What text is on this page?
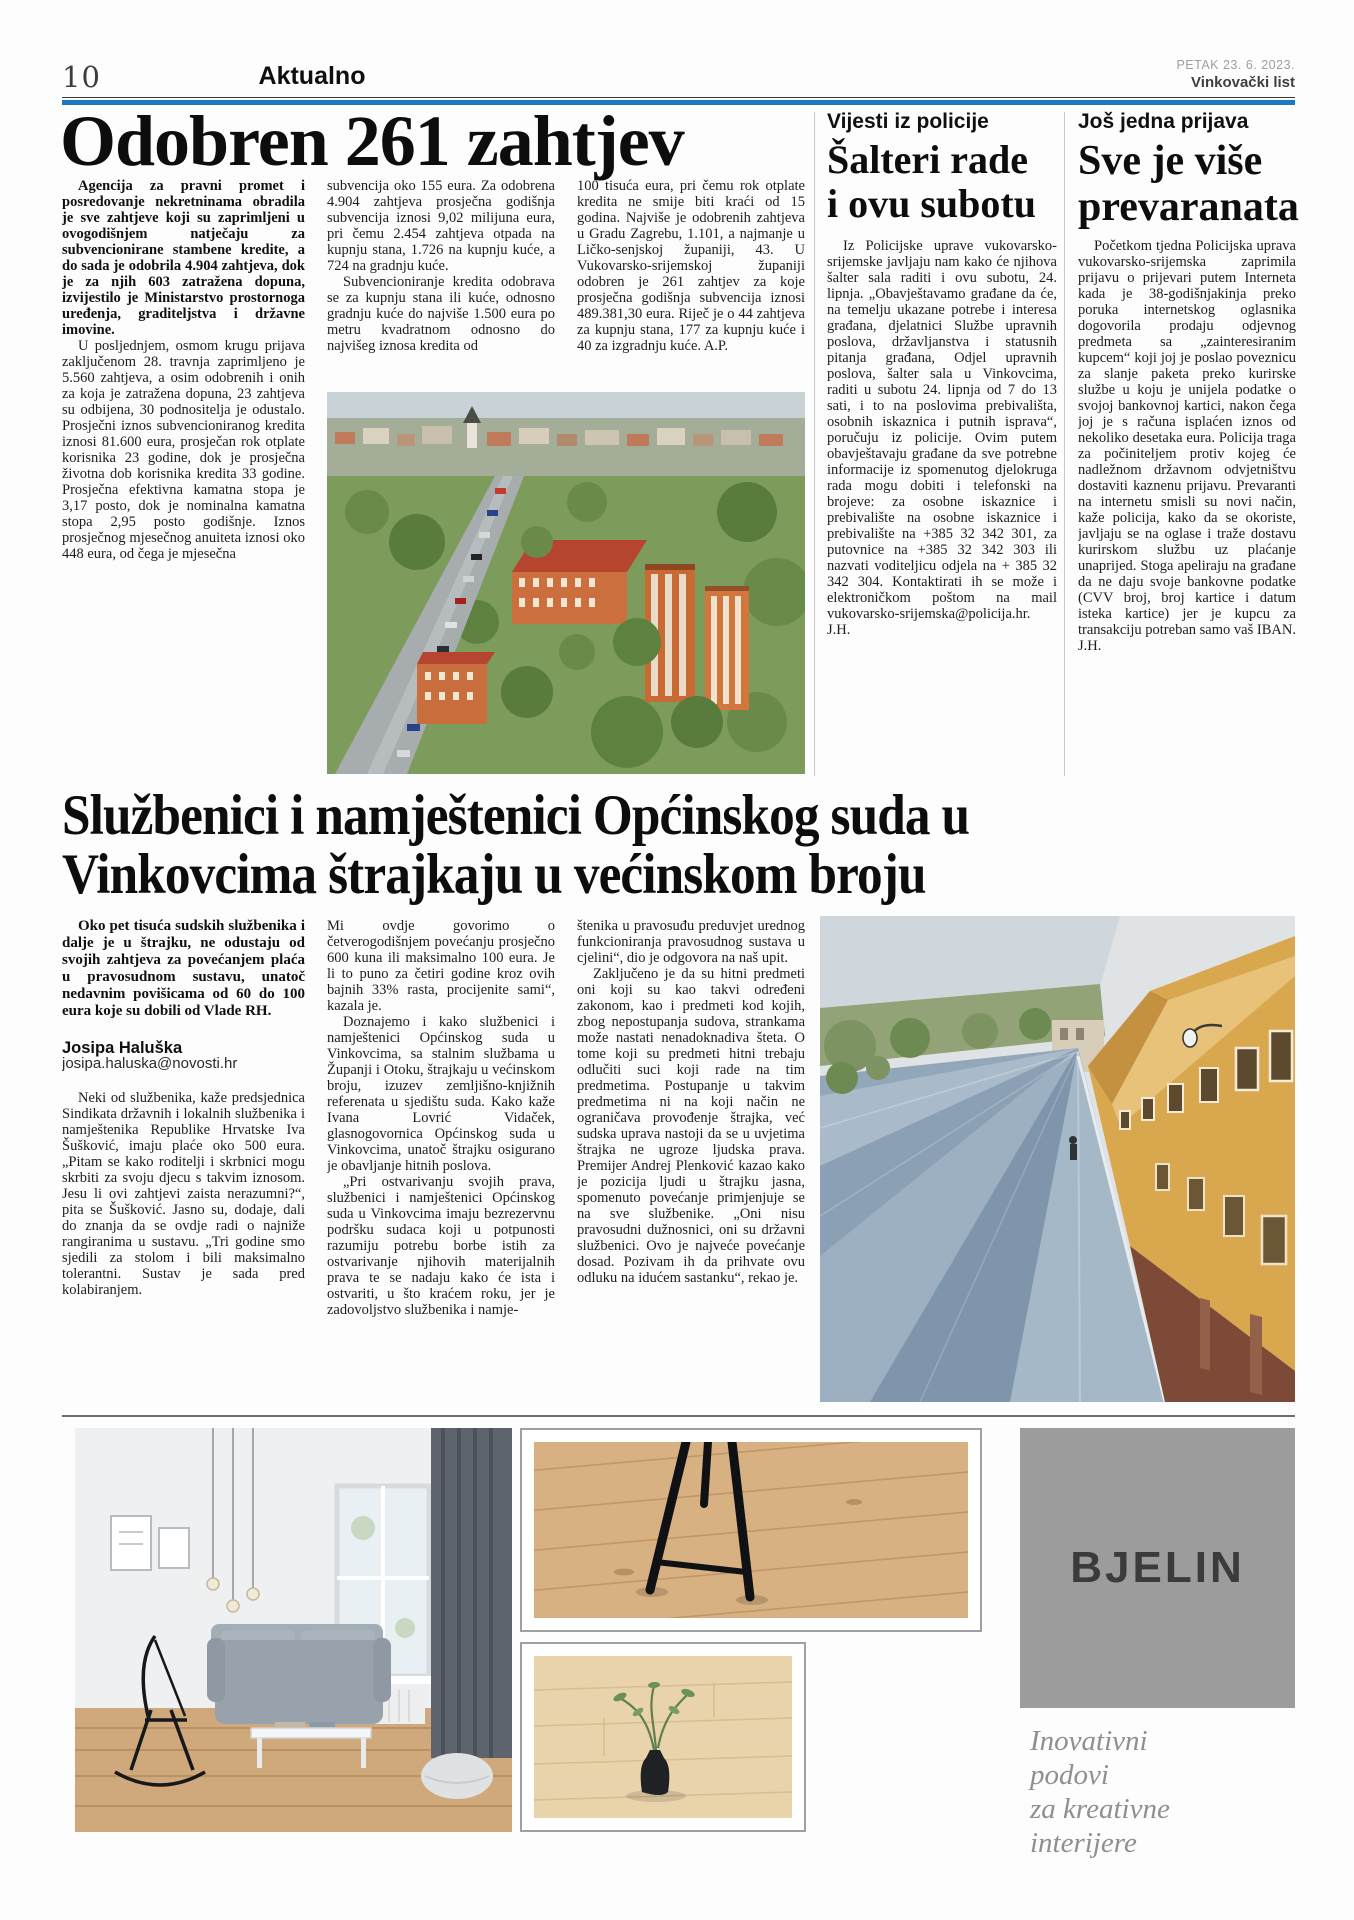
10	Aktualno	PETAK 23. 6. 2023.
Vinkovački list
Odobren 261 zahtjev

Agencija za pravni promet i posredovanje nekretninama obradila je sve zahtjeve koji su zaprimljeni u ovogodišnjem natječaju za subvencionirane stambene kredite, a do sada je odobrila 4.904 zahtjeva, dok je za njih 603 zatražena dopuna, izvijestilo je Ministarstvo prostornoga uređenja, graditeljstva i državne imovine.

U posljednjem, osmom krugu prijava zaključenom 28. travnja zaprimljeno je 5.560 zahtjeva, a osim odobrenih i onih za koja je zatražena dopuna, 23 zahtjeva su odbijena, 30 podnositelja je odustalo. Prosječni iznos subvencioniranog kredita iznosi 81.600 eura, prosječan rok otplate korisnika 23 godine, dok je prosječna životna dob korisnika kredita 33 godine. Prosječna efektivna kamatna stopa je 3,17 posto, dok je nominalna kamatna stopa 2,95 posto godišnje. Iznos prosječnog mjesečnog anuiteta iznosi oko 448 eura, od čega je mjesečna

subvencija oko 155 eura. Za odobrena 4.904 zahtjeva prosječna godišnja subvencija iznosi 9,02 milijuna eura, pri čemu 2.454 zahtjeva otpada na kupnju stana, 1.726 na kupnju kuće, a 724 na gradnju kuće.

Subvencioniranje kredita odobrava se za kupnju stana ili kuće, odnosno gradnju kuće do najviše 1.500 eura po metru kvadratnom odnosno do najvišeg iznosa kredita od

100 tisuća eura, pri čemu rok otplate kredita ne smije biti kraći od 15 godina. Najviše je odobrenih zahtjeva u Gradu Zagrebu, 1.101, a najmanje u Ličko-senjskoj županiji, 43. U Vukovarsko-srijemskoj županiji odobren je 261 zahtjev za koje prosječna godišnja subvencija iznosi 489.381,30 eura. Riječ je o 44 zahtjeva za kupnju stana, 177 za kupnju kuće i 40 za izgradnju kuće. A.P.

Vijesti iz policije
Šalteri rade
i ovu subotu

Iz Policijske uprave vukovarsko-srijemske javljaju nam kako će njihova šalter sala raditi i ovu subotu, 24. lipnja. „Obavještavamo građane da će, na temelju ukazane potrebe i interesa građana, djelatnici Službe upravnih poslova, državljanstva i statusnih pitanja građana, Odjel upravnih poslova, šalter sala u Vinkovcima, raditi u subotu 24. lipnja od 7 do 13 sati, i to na poslovima prebivališta, osobnih iskaznica i putnih isprava“, poručuju iz policije. Ovim putem obavještavaju građane da sve potrebne informacije iz spomenutog djelokruga rada mogu dobiti i telefonski na brojeve: za osobne iskaznice i prebivalište na osobne iskaznice i prebivalište na +385 32 342 301, za putovnice na +385 32 342 303 ili nazvati voditeljicu odjela na + 385 32 342 304. Kontaktirati ih se može i elektroničkom poštom na mail vukovarsko-srijemska@policija.hr. J.H.

Još jedna prijava
Sve je više
prevaranata

Početkom tjedna Policijska uprava vukovarsko-srijemska zaprimila prijavu o prijevari putem Interneta kada je 38-godišnjakinja preko poruka internetskog oglasnika dogovorila prodaju odjevnog predmeta sa „zainteresiranim kupcem“ koji joj je poslao poveznicu za slanje paketa preko kurirske službe u koju je unijela podatke o svojoj bankovnoj kartici, nakon čega joj je s računa isplaćen iznos od nekoliko desetaka eura. Policija traga za počiniteljem protiv kojeg će nadležnom državnom odvjetništvu dostaviti kaznenu prijavu. Prevaranti na internetu smisli su novi način, kaže policija, kako da se okoriste, javljaju se na oglase i traže dostavu kurirskom službu uz plaćanje unaprijed. Stoga apeliraju na građane da ne daju svoje bankovne podatke (CVV broj, broj kartice i datum isteka kartice) jer je kupcu za transakciju potreban samo vaš IBAN. J.H.

Službenici i namještenici Općinskog suda u
Vinkovcima štrajkaju u većinskom broju

Oko pet tisuća sudskih službenika i dalje je u štrajku, ne odustaju od svojih zahtjeva za povećanjem plaća u pravosudnom sustavu, unatoč nedavnim povišicama od 60 do 100 eura koje su dobili od Vlade RH.

Josipa Haluška
josipa.haluska@novosti.hr

Neki od službenika, kaže predsjednica Sindikata državnih i lokalnih službenika i namještenika Republike Hrvatske Iva Šušković, imaju plaće oko 500 eura. „Pitam se kako roditelji i skrbnici mogu skrbiti za svoju djecu s takvim iznosom. Jesu li ovi zahtjevi zaista nerazumni?“, pita se Šušković. Jasno su, dodaje, dali do znanja da se ovdje radi o najniže rangiranima u sustavu. „Tri godine smo sjedili za stolom i bili maksimalno tolerantni. Sustav je sada pred kolabiranjem.

Mi ovdje govorimo o četverogodišnjem povećanju prosječno 600 kuna ili maksimalno 100 eura. Je li to puno za četiri godine kroz ovih bajnih 33% rasta, procijenite sami“, kazala je.

Doznajemo i kako službenici i namještenici Općinskog suda u Vinkovcima, sa stalnim službama u Županji i Otoku, štrajkaju u većinskom broju, izuzev zemljišno-knjižnih referenata u sjedištu suda. Kako kaže Ivana Lovrić Vidaček, glasnogovornica Općinskog suda u Vinkovcima, unatoč štrajku osigurano je obavljanje hitnih poslova.

„Pri ostvarivanju svojih prava, službenici i namještenici Općinskog suda u Vinkovcima imaju bezrezervnu podršku sudaca koji u potpunosti razumiju potrebu borbe istih za ostvarivanje njihovih materijalnih prava te se nadaju kako će ista i ostvariti, u što kraćem roku, jer je zadovoljstvo službenika i namje-

štenika u pravosuđu preduvjet urednog funkcioniranja pravosudnog sustava u cjelini“, dio je odgovora na naš upit.

Zaključeno je da su hitni predmeti oni koji su kao takvi određeni zakonom, kao i predmeti kod kojih, zbog nepostupanja sudova, strankama može nastati nenadoknadiva šteta. O tome koji su predmeti hitni trebaju odlučiti suci koji rade na tim predmetima. Postupanje u takvim predmetima ni na koji način ne ograničava provođenje štrajka, već sudska uprava nastoji da se u uvjetima štrajka ne ugroze ljudska prava. Premijer Andrej Plenković kazao kako je pozicija ljudi u štrajku jasna, spomenuto povećanje primjenjuje se na sve službenike. „Oni nisu pravosudni dužnosnici, oni su državni službenici. Ovo je najveće povećanje dosad. Pozivam ih da prihvate ovu odluku na idućem sastanku“, rekao je.

BJELIN
Inovativni
podovi
za kreativne
interijere
